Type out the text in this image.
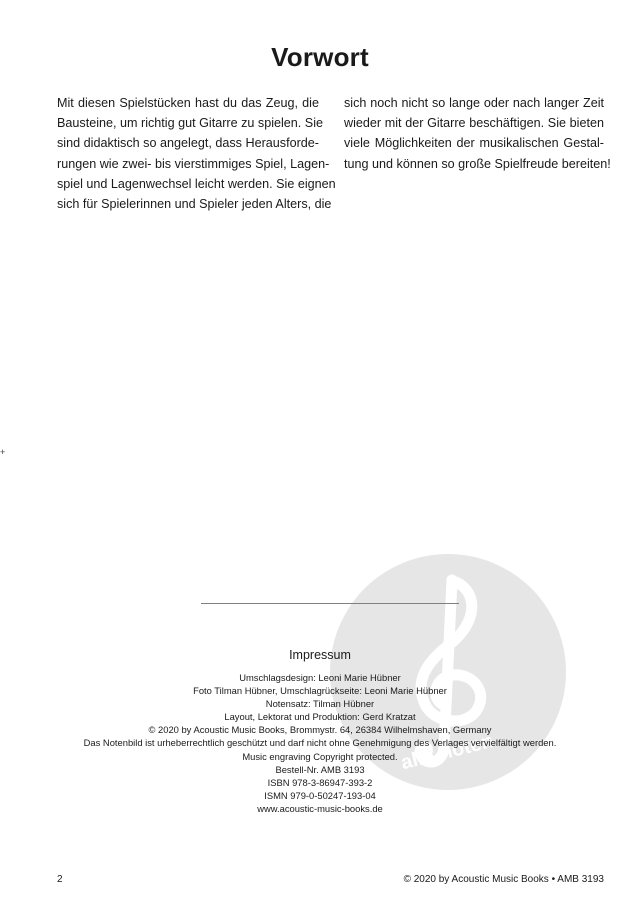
+
Vorwort
Mit diesen Spielstücken hast du das Zeug, die
Bausteine, um richtig gut Gitarre zu spielen. Sie
sind didaktisch so angelegt, dass Herausforde-
rungen wie zwei- bis vierstimmiges Spiel, Lagen-
spiel und Lagenwechsel leicht werden. Sie eignen
sich für Spielerinnen und Spieler jeden Alters, die
sich noch nicht so lange oder nach langer Zeit
wieder mit der Gitarre beschäftigen. Sie bieten
viele Möglichkeiten der musikalischen Gestal-
tung und können so große Spielfreude bereiten!
alle-noten
Impressum
Umschlagsdesign: Leoni Marie Hübner
Foto Tilman Hübner, Umschlagrückseite: Leoni Marie Hübner
Notensatz: Tilman Hübner
Layout, Lektorat und Produktion: Gerd Kratzat
© 2020 by Acoustic Music Books, Brommystr. 64, 26384 Wilhelmshaven, Germany
Das Notenbild ist urheberrechtlich geschützt und darf nicht ohne Genehmigung des Verlages vervielfältigt werden.
Music engraving Copyright protected.
Bestell-Nr. AMB 3193
ISBN 978-3-86947-393-2
ISMN 979-0-50247-193-04
www.acoustic-music-books.de
2	© 2020 by Acoustic Music Books • AMB 3193
